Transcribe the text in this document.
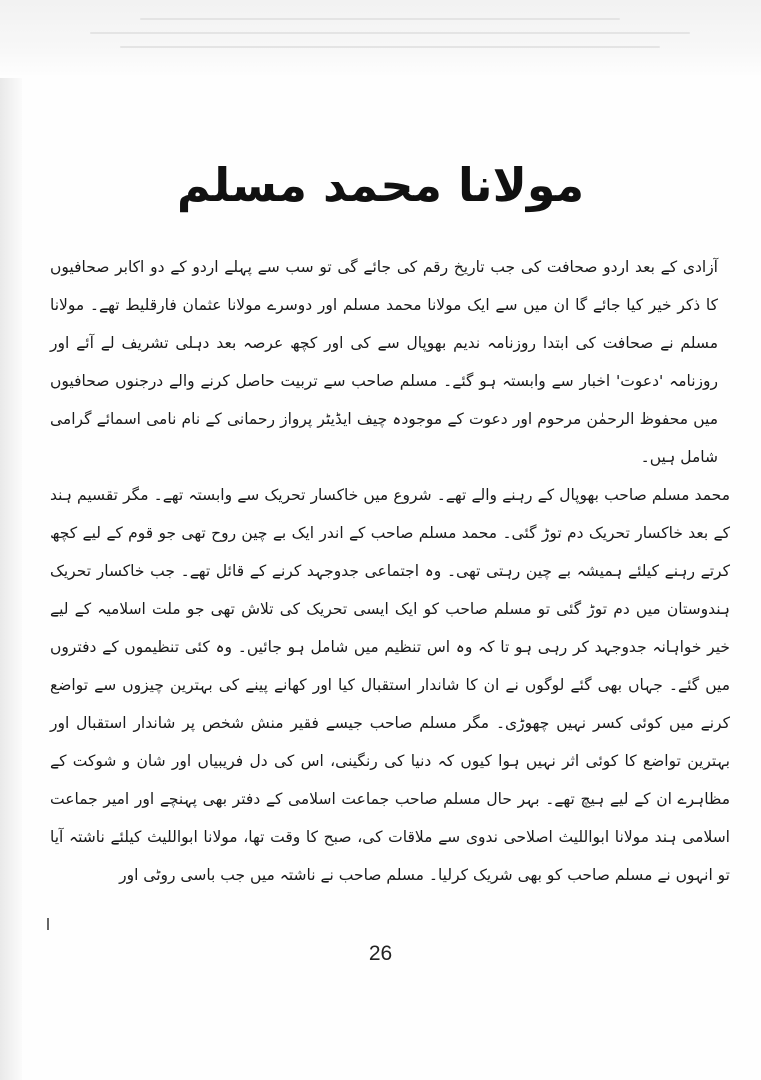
مولانا محمد مسلم

آزادی کے بعد اردو صحافت کی جب تاریخ رقم کی جائے گی تو سب سے پہلے اردو کے دو اکابر صحافیوں کا ذکر خیر کیا جائے گا ان میں سے ایک مولانا محمد مسلم اور دوسرے مولانا عثمان فارقلیط تھے۔ مولانا مسلم نے صحافت کی ابتدا روزنامہ ندیم بھوپال سے کی اور کچھ عرصہ بعد دہلی تشریف لے آئے اور روزنامہ 'دعوت' اخبار سے وابستہ ہو گئے۔ مسلم صاحب سے تربیت حاصل کرنے والے درجنوں صحافیوں میں محفوظ الرحمٰن مرحوم اور دعوت کے موجودہ چیف ایڈیٹر پرواز رحمانی کے نام نامی اسمائے گرامی شامل ہیں۔

محمد مسلم صاحب بھوپال کے رہنے والے تھے۔ شروع میں خاکسار تحریک سے وابستہ تھے۔ مگر تقسیم ہند کے بعد خاکسار تحریک دم توڑ گئی۔ محمد مسلم صاحب کے اندر ایک بے چین روح تھی جو قوم کے لیے کچھ کرتے رہنے کیلئے ہمیشہ بے چین رہتی تھی۔ وہ اجتماعی جدوجہد کرنے کے قائل تھے۔ جب خاکسار تحریک ہندوستان میں دم توڑ گئی تو مسلم صاحب کو ایک ایسی تحریک کی تلاش تھی جو ملت اسلامیہ کے لیے خیر خواہانہ جدوجہد کر رہی ہو تا کہ وہ اس تنظیم میں شامل ہو جائیں۔ وہ کئی تنظیموں کے دفتروں میں گئے۔ جہاں بھی گئے لوگوں نے ان کا شاندار استقبال کیا اور کھانے پینے کی بہترین چیزوں سے تواضع کرنے میں کوئی کسر نہیں چھوڑی۔ مگر مسلم صاحب جیسے فقیر منش شخص پر شاندار استقبال اور بہترین تواضع کا کوئی اثر نہیں ہوا کیوں کہ دنیا کی رنگینی، اس کی دل فریبیاں اور شان و شوکت کے مظاہرے ان کے لیے ہیچ تھے۔ بہر حال مسلم صاحب جماعت اسلامی کے دفتر بھی پہنچے اور امیر جماعت اسلامی ہند مولانا ابواللیث اصلاحی ندوی سے ملاقات کی، صبح کا وقت تھا، مولانا ابواللیث کیلئے ناشتہ آیا تو انہوں نے مسلم صاحب کو بھی شریک کرلیا۔ مسلم صاحب نے ناشتہ میں جب باسی روٹی اور

26
